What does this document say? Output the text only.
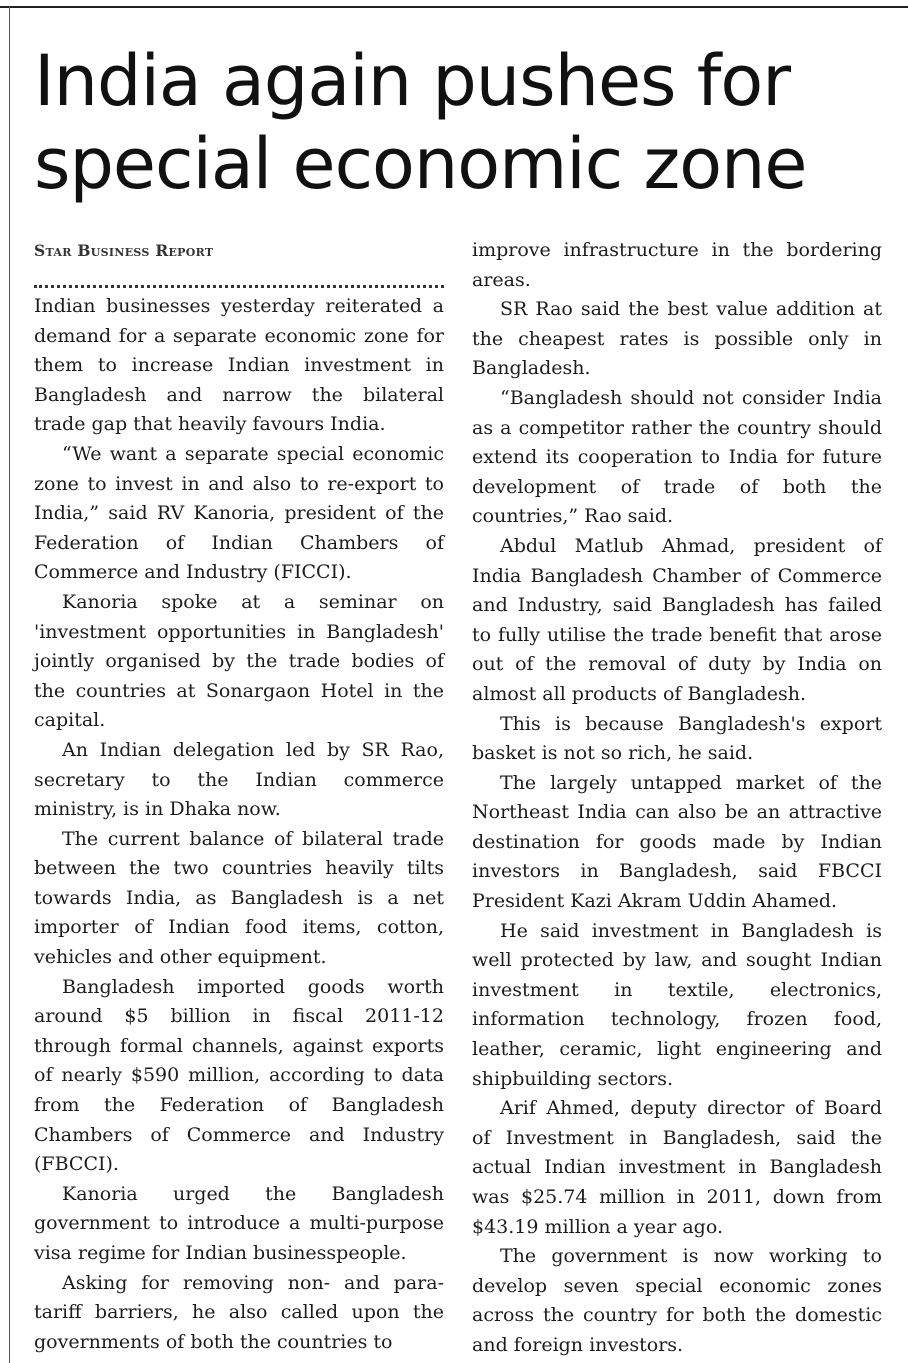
India again pushes for special economic zone
Star Business Report

Indian businesses yesterday reiterated a demand for a separate economic zone for them to increase Indian investment in Bangladesh and narrow the bilateral trade gap that heavily favours India.

“We want a separate special economic zone to invest in and also to re-export to India,” said RV Kanoria, president of the Federation of Indian Chambers of Commerce and Industry (FICCI).

Kanoria spoke at a seminar on 'investment opportunities in Bangladesh' jointly organised by the trade bodies of the countries at Sonargaon Hotel in the capital.

An Indian delegation led by SR Rao, secretary to the Indian commerce ministry, is in Dhaka now.

The current balance of bilateral trade between the two countries heavily tilts towards India, as Bangladesh is a net importer of Indian food items, cotton, vehicles and other equipment.

Bangladesh imported goods worth around $5 billion in fiscal 2011-12 through formal channels, against exports of nearly $590 million, according to data from the Federation of Bangladesh Chambers of Commerce and Industry (FBCCI).

Kanoria urged the Bangladesh government to introduce a multi-purpose visa regime for Indian businesspeople.

Asking for removing non- and para-tariff barriers, he also called upon the governments of both the countries to

improve infrastructure in the bordering areas.

SR Rao said the best value addition at the cheapest rates is possible only in Bangladesh.

“Bangladesh should not consider India as a competitor rather the country should extend its cooperation to India for future development of trade of both the countries,” Rao said.

Abdul Matlub Ahmad, president of India Bangladesh Chamber of Commerce and Industry, said Bangladesh has failed to fully utilise the trade benefit that arose out of the removal of duty by India on almost all products of Bangladesh.

This is because Bangladesh's export basket is not so rich, he said.

The largely untapped market of the Northeast India can also be an attractive destination for goods made by Indian investors in Bangladesh, said FBCCI President Kazi Akram Uddin Ahamed.

He said investment in Bangladesh is well protected by law, and sought Indian investment in textile, electronics, information technology, frozen food, leather, ceramic, light engineering and shipbuilding sectors.

Arif Ahmed, deputy director of Board of Investment in Bangladesh, said the actual Indian investment in Bangladesh was $25.74 million in 2011, down from $43.19 million a year ago.

The government is now working to develop seven special economic zones across the country for both the domestic and foreign investors.
